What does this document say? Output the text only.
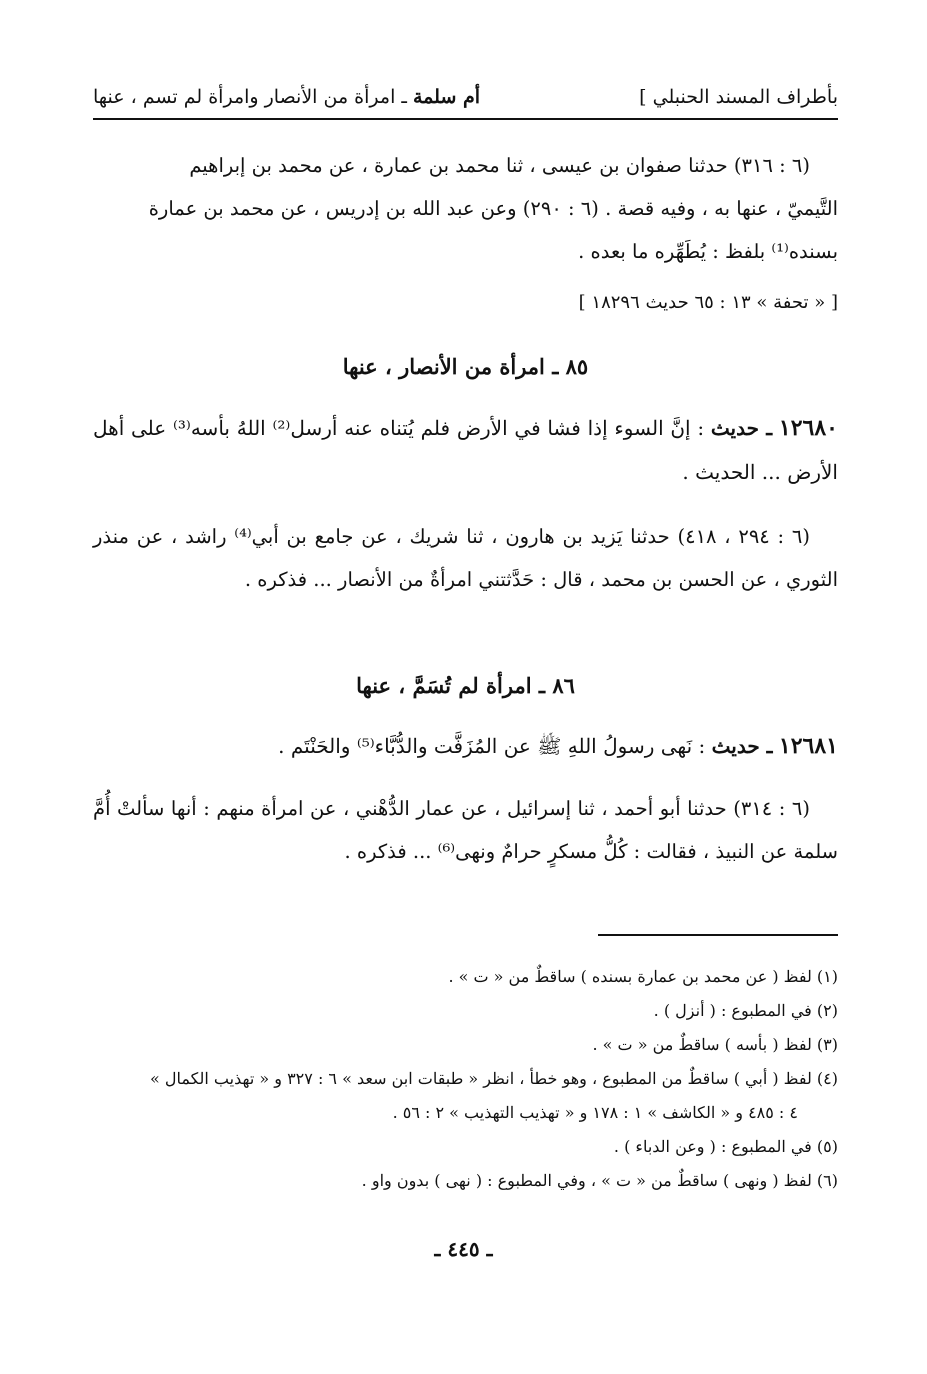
بأطراف المسند الحنبلي ]
أم سلمة ـ امرأة من الأنصار وامرأة لم تسم ، عنها

(٦ : ٣١٦) حدثنا صفوان بن عيسى ، ثنا محمد بن عمارة ، عن محمد بن إبراهيم

التَّيميّ ، عنها به ، وفيه قصة . (٦ : ٢٩٠) وعن عبد الله بن إدريس ، عن محمد بن عمارة

بسنده⁽¹⁾ بلفظ : يُطَهِّره ما بعده .

[ « تحفة » ١٣ : ٦٥ حديث ١٨٢٩٦ ]
٨٥ ـ امرأة من الأنصار ، عنها
١٢٦٨٠ ـ حديث : إنَّ السوء إذا فشا في الأرض فلم يُتناه عنه أرسل⁽²⁾ اللهُ بأسه⁽³⁾ على أهل الأرض ... الحديث .

(٦ : ٢٩٤ ، ٤١٨) حدثنا يَزيد بن هارون ، ثنا شريك ، عن جامع بن أبي⁽⁴⁾ راشد ، عن منذر الثوري ، عن الحسن بن محمد ، قال : حَدَّثتني امرأةٌ من الأنصار ... فذكره .

٨٦ ـ امرأة لم تُسَمَّ ، عنها
١٢٦٨١ ـ حديث : نَهى رسولُ اللهِ ﷺ عن المُزَفَّت والدُّبَّاء⁽⁵⁾ والحَنْتَم .

(٦ : ٣١٤) حدثنا أبو أحمد ، ثنا إسرائيل ، عن عمار الدُّهْني ، عن امرأة منهم : أنها سألتْ أُمَّ سلمة عن النبيذ ، فقالت : كُلُّ مسكرٍ حرامٌ ونهى⁽⁶⁾ ... فذكره .

(١) لفظ ( عن محمد بن عمارة بسنده ) ساقطٌ من « ت » .

(٢) في المطبوع : ( أنزل ) .

(٣) لفظ ( بأسه ) ساقطٌ من « ت » .

(٤) لفظ ( أبي ) ساقطٌ من المطبوع ، وهو خطأ ، انظر « طبقات ابن سعد » ٦ : ٣٢٧ و « تهذيب الكمال »

٤ : ٤٨٥ و « الكاشف » ١ : ١٧٨ و « تهذيب التهذيب » ٢ : ٥٦ .

(٥) في المطبوع : ( وعن الدباء ) .

(٦) لفظ ( ونهى ) ساقطٌ من « ت » ، وفي المطبوع : ( نهى ) بدون واو .

ـ ٤٤٥ ـ
